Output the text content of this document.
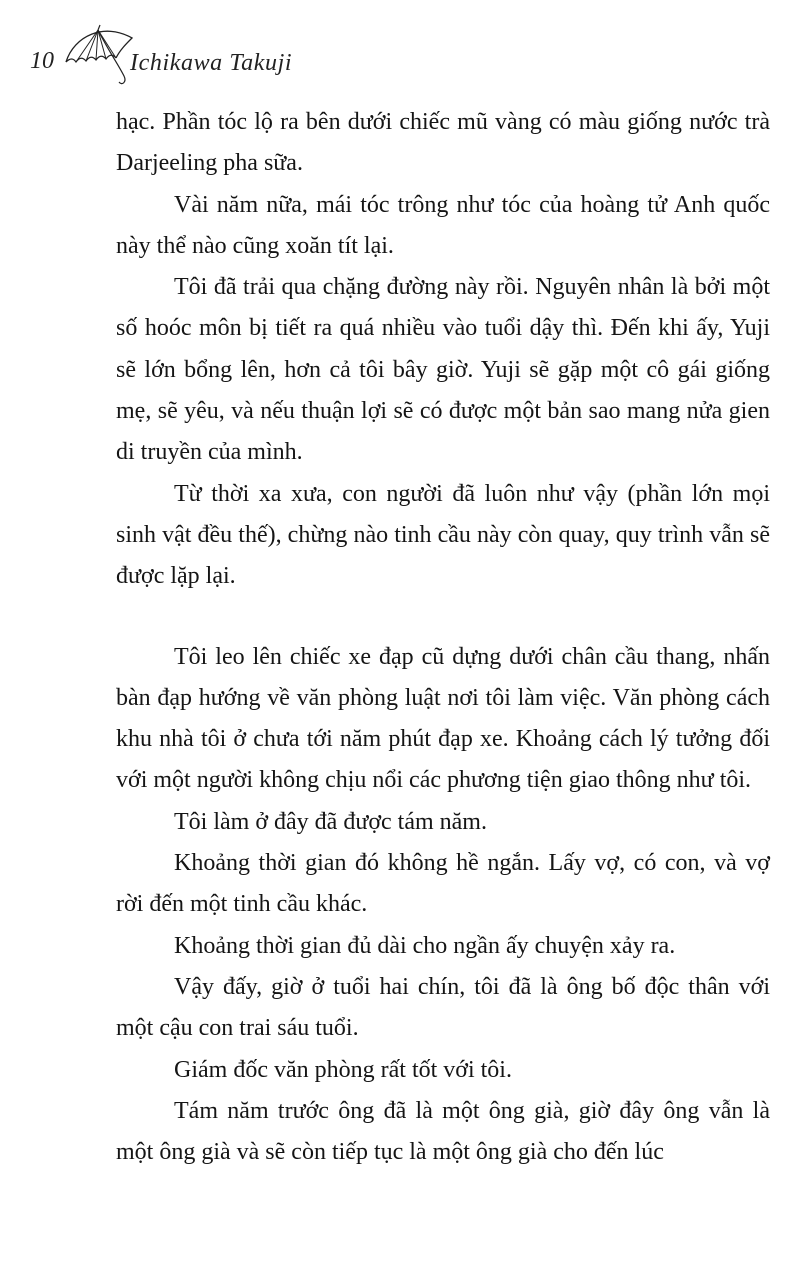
10	Ichikawa Takuji

hạc. Phần tóc lộ ra bên dưới chiếc mũ vàng có màu giống nước trà Darjeeling pha sữa.

Vài năm nữa, mái tóc trông như tóc của hoàng tử Anh quốc này thể nào cũng xoăn tít lại.

Tôi đã trải qua chặng đường này rồi. Nguyên nhân là bởi một số hoóc môn bị tiết ra quá nhiều vào tuổi dậy thì. Đến khi ấy, Yuji sẽ lớn bổng lên, hơn cả tôi bây giờ. Yuji sẽ gặp một cô gái giống mẹ, sẽ yêu, và nếu thuận lợi sẽ có được một bản sao mang nửa gien di truyền của mình.

Từ thời xa xưa, con người đã luôn như vậy (phần lớn mọi sinh vật đều thế), chừng nào tinh cầu này còn quay, quy trình vẫn sẽ được lặp lại.

Tôi leo lên chiếc xe đạp cũ dựng dưới chân cầu thang, nhấn bàn đạp hướng về văn phòng luật nơi tôi làm việc. Văn phòng cách khu nhà tôi ở chưa tới năm phút đạp xe. Khoảng cách lý tưởng đối với một người không chịu nổi các phương tiện giao thông như tôi.

Tôi làm ở đây đã được tám năm.

Khoảng thời gian đó không hề ngắn. Lấy vợ, có con, và vợ rời đến một tinh cầu khác.

Khoảng thời gian đủ dài cho ngần ấy chuyện xảy ra.

Vậy đấy, giờ ở tuổi hai chín, tôi đã là ông bố độc thân với một cậu con trai sáu tuổi.

Giám đốc văn phòng rất tốt với tôi.

Tám năm trước ông đã là một ông già, giờ đây ông vẫn là một ông già và sẽ còn tiếp tục là một ông già cho đến lúc
